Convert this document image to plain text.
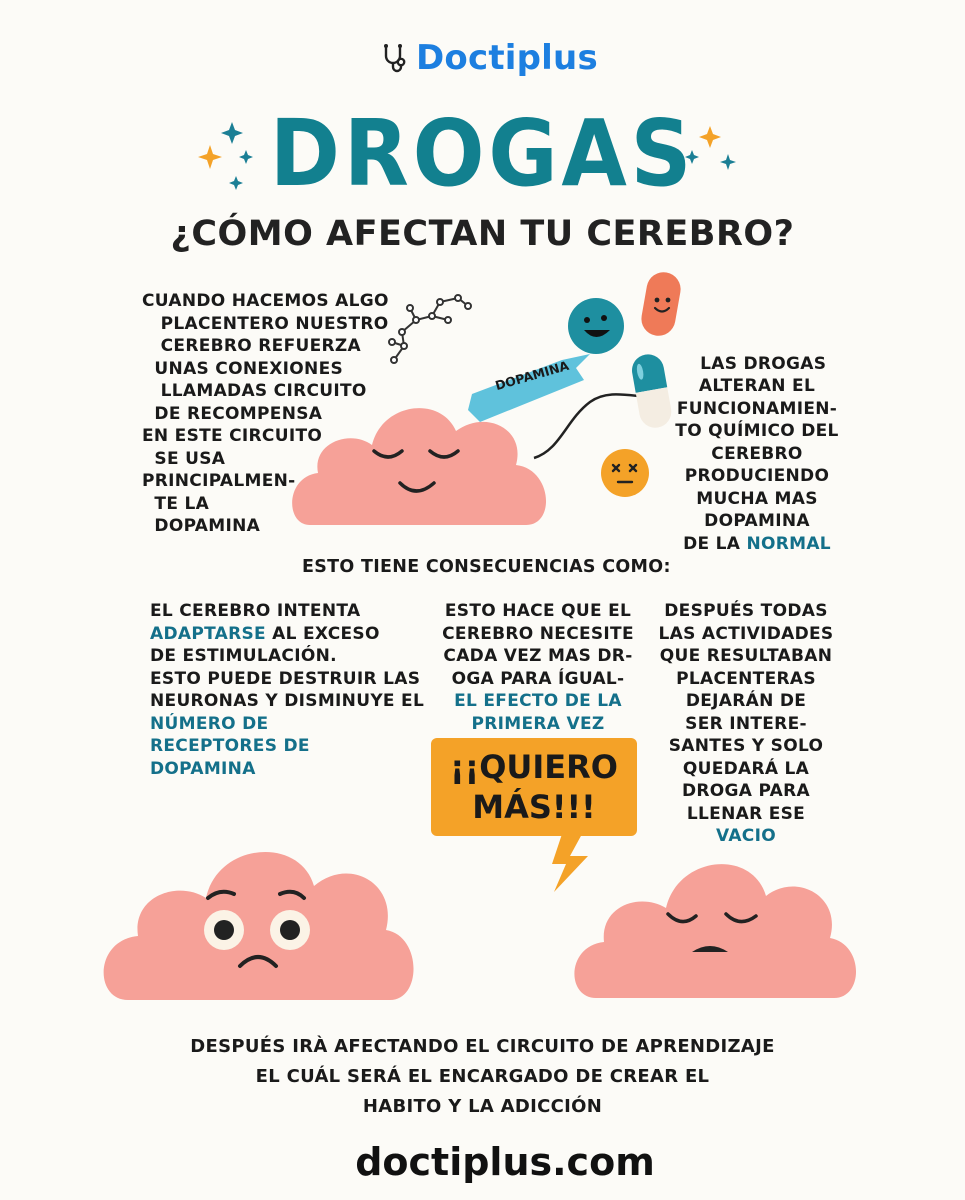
Doctiplus
DROGAS
¿CÓMO AFECTAN TU CEREBRO?
CUANDO HACEMOS ALGO
PLACENTERO NUESTRO
CEREBRO REFUERZA
UNAS CONEXIONES
LLAMADAS CIRCUITO
DE RECOMPENSA
EN ESTE CIRCUITO
SE USA
PRINCIPALMEN-
TE LA
DOPAMINA
DOPAMINA	LAS DROGAS
ALTERAN EL
FUNCIONAMIEN-
TO QUÍMICO DEL
CEREBRO
PRODUCIENDO
MUCHA MAS
DOPAMINA
DE LA NORMAL

ESTO TIENE CONSECUENCIAS COMO:
EL CEREBRO INTENTA
ADAPTARSE AL EXCESO
DE ESTIMULACIÓN.
ESTO PUEDE DESTRUIR LAS
NEURONAS Y DISMINUYE EL
NÚMERO DE
RECEPTORES DE
DOPAMINA
ESTO HACE QUE EL
CEREBRO NECESITE
CADA VEZ MAS DR-
OGA PARA ÍGUAL-
EL EFECTO DE LA
PRIMERA VEZ
¡¡QUIERO
MÁS!!!
DESPUÉS TODAS
LAS ACTIVIDADES
QUE RESULTABAN
PLACENTERAS
DEJARÁN DE
SER INTERE-
SANTES Y SOLO
QUEDARÁ LA
DROGA PARA
LLENAR ESE
VACIO
DESPUÉS IRÀ AFECTANDO EL CIRCUITO DE APRENDIZAJE
EL CUÁL SERÁ EL ENCARGADO DE CREAR EL
HABITO Y LA ADICCIÓN
doctiplus.com
